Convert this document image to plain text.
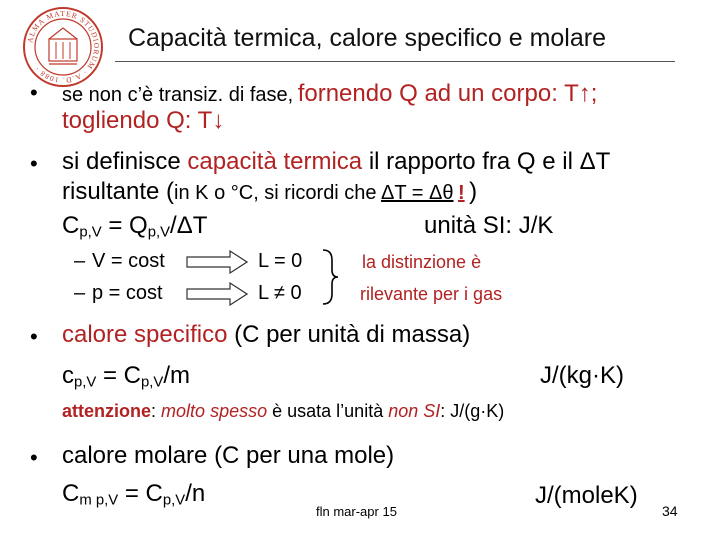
ALMA MATER STUDIORUM · A.D. 1088 ·
Capacità termica, calore specifico e molare
• se non c’è transiz. di fase, fornendo Q ad un corpo: T↑;
togliendo Q: T↓
• si definisce capacità termica il rapporto fra Q e il ΔT
risultante (in K o °C, si ricordi che ΔT = Δθ ! )
$C_{p,V} = Q_{p,V}/\Delta T$	unità SI: J/K
– V = cost
– p = cost
L = 0
L ≠ 0
la distinzione è
rilevante per i gas
• calore specifico (C per unità di massa)
$c_{p,V} = C_{p,V}/m$	J/(kg·K)
attenzione: molto spesso è usata l’unità non SI: J/(g·K)
• calore molare (C per una mole)
$C_{m p,V} = C_{p,V}/n$	J/(moleK)
fln mar-apr 15	34
